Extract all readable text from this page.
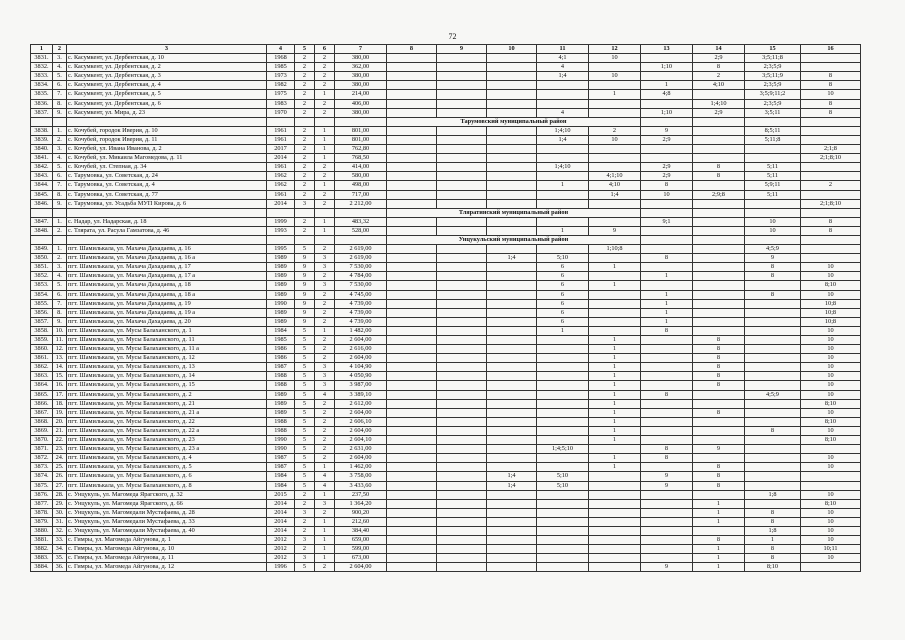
72
1	2	3	4	5	6	7	8	9	10	11	12	13	14	15	16
3831.	3.	с. Касумкент, ул. Дербентская, д. 10	1968	2	2	380,00				4;1	10		2;9	3;5;11;8	
3832.	4.	с. Касумкент, ул. Дербентская, д. 2	1985	2	2	362,00				4		1;10	8	2;3;5;9	
3833.	5.	с. Касумкент, ул. Дербентская, д. 3	1973	2	2	380,00				1;4	10		2	3;5;11;9	8
3834.	6.	с. Касумкент, ул. Дербентская, д. 4	1982	2	2	380,00						1	4;10	2;3;5;9	8
3835.	7.	с. Касумкент, ул. Дербентская, д. 5	1975	2	1	214,00					1	4;8		3;5;9;11;2	10
3836.	8.	с. Касумкент, ул. Дербентская, д. 6	1983	2	2	406,00							1;4;10	2;3;5;9	8
3837.	9.	с. Касумкент, ул. Мира, д. 23	1970	2	2	380,00				4		1;10	2;9	3;5;11	8
							Тарумовский муниципальный район								
3838.	1.	с. Кочубей, городок Иверия, д. 10	1961	2	1	801,00				1;4;10	2	9		8;5;11	
3839.	2.	с. Кочубей, городок Иверия, д. 11	1961	2	1	801,00				1;4	10	2;9		5;11;8	
3840.	3.	с. Кочубей, ул. Ивана Иванова, д. 2	2017	2	1	762,80									2;1;8
3841.	4.	с. Кочубей, ул. Микаила Магомедова, д. 11	2014	2	1	768,50									2;1;8;10
3842.	5.	с. Кочубей, ул. Степная, д. 34	1961	2	2	414,00				1;4;10		2;9	8	5;11	
3843.	6.	с. Тарумовка, ул. Советская, д. 24	1962	2	2	580,00					4;1;10	2;9	8	5;11	
3844.	7.	с. Тарумовка, ул. Советская, д. 4	1962	2	1	498,00				1	4;10	8		5;9;11	2
3845.	8.	с. Тарумовка, ул. Советская, д. 77	1961	2	2	717,00					1;4	10	2;9;8	5;11	
3846.	9.	с. Тарумовка, ул. Усадьба МУП Кирова, д. 6	2014	3	2	2 212,00									2;1;8;10
							Тляратинский муниципальный район								
3847.	1.	с. Надар, ул. Надарская, д. 18	1999	2	1	483,32						9;1		10	8
3848.	2.	с. Тлярата, ул. Расула Гамзатова, д. 46	1993	2	1	528,00				1	9			10	8
							Унцукульский муниципальный район								
3849.	1.	пгт. Шамилькала, ул. Махача Дахадаева, д. 16	1995	5	2	2 619,00					1;10;8			4;5;9	
3850.	2.	пгт. Шамилькала, ул. Махача Дахадаева, д. 16 а	1989	9	3	2 619,00			1;4	5;10		8		9	
3851.	3.	пгт. Шамилькала, ул. Махача Дахадаева, д. 17	1989	9	3	7 530,00				6	1			8	10
3852.	4.	пгт. Шамилькала, ул. Махача Дахадаева, д. 17 а	1989	9	2	4 784,00				6		1		8	10
3853.	5.	пгт. Шамилькала, ул. Махача Дахадаева, д. 18	1989	9	3	7 530,00				6	1				8;10
3854.	6.	пгт. Шамилькала, ул. Махача Дахадаева, д. 18 а	1989	9	2	4 745,00				6		1		8	10
3855.	7.	пгт. Шамилькала, ул. Махача Дахадаева, д. 19	1990	9	2	4 739,00				6		1			10;8
3856.	8.	пгт. Шамилькала, ул. Махача Дахадаева, д. 19 а	1989	9	2	4 739,00				6		1			10;8
3857.	9.	пгт. Шамилькала, ул. Махача Дахадаева, д. 20	1989	9	2	4 739,00				6		1			10;8
3858.	10.	пгт. Шамилькала, ул. Мусы Балаханского, д. 1	1984	5	1	1 482,00				1		8			10
3859.	11.	пгт. Шамилькала, ул. Мусы Балаханского, д. 11	1985	5	2	2 604,00					1		8		10
3860.	12.	пгт. Шамилькала, ул. Мусы Балаханского, д. 11 а	1986	5	2	2 616,00					1		8		10
3861.	13.	пгт. Шамилькала, ул. Мусы Балаханского, д. 12	1986	5	2	2 604,00					1		8		10
3862.	14.	пгт. Шамилькала, ул. Мусы Балаханского, д. 13	1987	5	3	4 104,90					1		8		10
3863.	15.	пгт. Шамилькала, ул. Мусы Балаханского, д. 14	1988	5	3	4 050,90					1		8		10
3864.	16.	пгт. Шамилькала, ул. Мусы Балаханского, д. 15	1988	5	3	3 987,00					1		8		10
3865.	17.	пгт. Шамилькала, ул. Мусы Балаханского, д. 2	1989	5	4	3 389,10					1	8		4;5;9	10
3866.	18.	пгт. Шамилькала, ул. Мусы Балаханского, д. 21	1989	5	2	2 612,00					1				8;10
3867.	19.	пгт. Шамилькала, ул. Мусы Балаханского, д. 21 а	1989	5	2	2 604,00					1		8		10
3868.	20.	пгт. Шамилькала, ул. Мусы Балаханского, д. 22	1988	5	2	2 606,10					1				8;10
3869.	21.	пгт. Шамилькала, ул. Мусы Балаханского, д. 22 а	1988	5	2	2 604,00					1			8	10
3870.	22.	пгт. Шамилькала, ул. Мусы Балаханского, д. 23	1990	5	2	2 604,10					1				8;10
3871.	23.	пгт. Шамилькала, ул. Мусы Балаханского, д. 23 а	1990	5	2	2 631,00				1;4;5;10		8	9		
3872.	24.	пгт. Шамилькала, ул. Мусы Балаханского, д. 4	1987	5	2	2 604,00					1	8			10
3873.	25.	пгт. Шамилькала, ул. Мусы Балаханского, д. 5	1987	5	1	1 462,00					1		8		10
3874.	26.	пгт. Шамилькала, ул. Мусы Балаханского, д. 6	1984	5	4	3 758,00			1;4	5;10		9	8		
3875.	27.	пгт. Шамилькала, ул. Мусы Балаханского, д. 8	1984	5	4	3 433,60			1;4	5;10		9	8		
3876.	28.	с. Унцукуль, ул. Магомеда Ярагского, д. 32	2015	2	1	237,50								1;8	10
3877.	29.	с. Унцукуль, ул. Магомеда Ярагского, д. 66	2014	2	3	1 364,20							1		8;10
3878.	30.	с. Унцукуль, ул. Магомедали Мустафаева, д. 28	2014	3	2	900,20							1	8	10
3879.	31.	с. Унцукуль, ул. Магомедали Мустафаева, д. 33	2014	2	1	212,60							1	8	10
3880.	32.	с. Унцукуль, ул. Магомедали Мустафаева, д. 40	2014	2	1	384,40								1;8	10
3881.	33.	с. Гимры, ул. Магомеда Айгунова, д. 1	2012	3	1	659,00							8	1	10
3882.	34.	с. Гимры, ул. Магомеда Айгунова, д. 10	2012	2	1	599,00							1	8	10;11
3883.	35.	с. Гимры, ул. Магомеда Айгунова, д. 11	2012	3	1	673,00							1	8	10
3884.	36.	с. Гимры, ул. Магомеда Айгунова, д. 12	1996	5	2	2 604,00						9	1	8;10	
